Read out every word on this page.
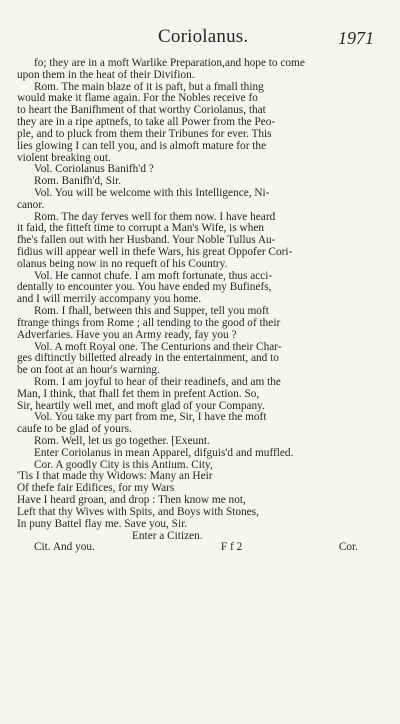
Coriolanus.	1971
fo; they are in a moft Warlike Preparation,and hope to come
upon them in the heat of their Divifion.
Rom. The main blaze of it is paft, but a fmall thing
would make it flame again. For the Nobles receive fo
to heart the Banifhment of that worthy Coriolanus, that
they are in a ripe aptnefs, to take all Power from the Peo-
ple, and to pluck from them their Tribunes for ever. This
lies glowing I can tell you, and is almoft mature for the
violent breaking out.
Vol. Coriolanus Banifh'd ?
Rom. Banifh'd, Sir.
Vol. You will be welcome with this Intelligence, Ni-
canor.
Rom. The day ferves well for them now. I have heard
it faid, the fitteft time to corrupt a Man's Wife, is when
fhe's fallen out with her Husband. Your Noble Tullus Au-
fidius will appear well in thefe Wars, his great Oppofer Cori-
olanus being now in no requeft of his Country.
Vol. He cannot chufe. I am moft fortunate, thus acci-
dentally to encounter you. You have ended my Bufinefs,
and I will merrily accompany you home.
Rom. I fhall, between this and Supper, tell you moft
ftrange things from Rome ; all tending to the good of their
Adverfaries. Have you an Army ready, fay you ?
Vol. A moft Royal one. The Centurions and their Char-
ges diftinctly billetted already in the entertainment, and to
be on foot at an hour's warning.
Rom. I am joyful to hear of their readinefs, and am the
Man, I think, that fhall fet them in prefent Action. So,
Sir, heartily well met, and moft glad of your Company.
Vol. You take my part from me, Sir, I have the moft
caufe to be glad of yours.
Rom. Well, let us go together. [Exeunt.
Enter Coriolanus in mean Apparel, difguis'd and muffled.
Cor. A goodly City is this Antium. City,
'Tis I that made thy Widows: Many an Heir
Of thefe fair Edifices, for my Wars
Have I heard groan, and drop : Then know me not,
Left that thy Wives with Spits, and Boys with Stones,
In puny Battel flay me. Save you, Sir.
Enter a Citizen.
Cit. And you.	F f 2	Cor.
